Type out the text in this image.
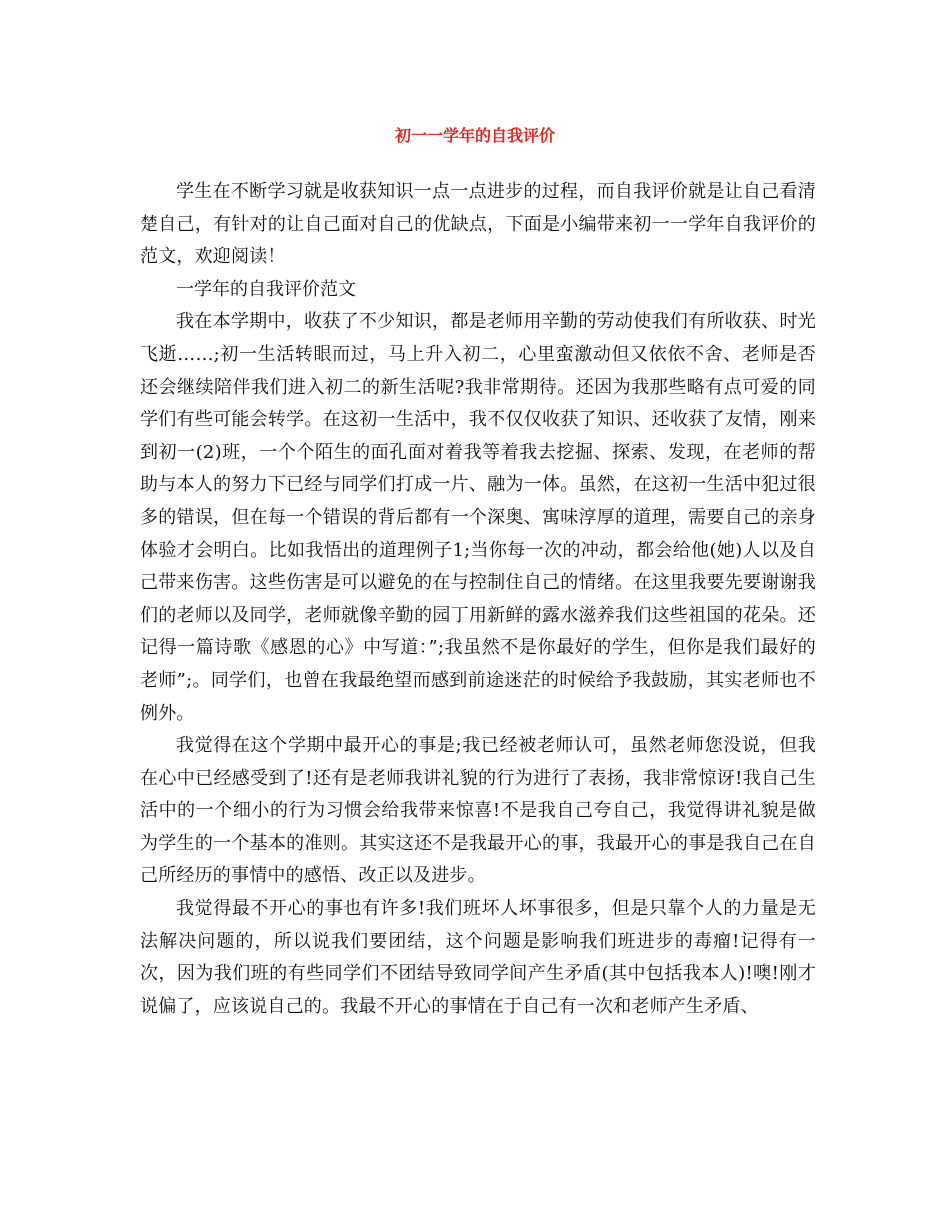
初一一学年的自我评价

学生在不断学习就是收获知识一点一点进步的过程，而自我评价就是让自己看清楚自己，有针对的让自己面对自己的优缺点，下面是小编带来初一一学年自我评价的范文，欢迎阅读！

一学年的自我评价范文

我在本学期中，收获了不少知识，都是老师用辛勤的劳动使我们有所收获、时光飞逝……;初一生活转眼而过，马上升入初二，心里蛮激动但又依依不舍、老师是否还会继续陪伴我们进入初二的新生活呢?我非常期待。还因为我那些略有点可爱的同学们有些可能会转学。在这初一生活中，我不仅仅收获了知识、还收获了友情，刚来到初一(2)班，一个个陌生的面孔面对着我等着我去挖掘、探索、发现，在老师的帮助与本人的努力下已经与同学们打成一片、融为一体。虽然，在这初一生活中犯过很多的错误，但在每一个错误的背后都有一个深奥、寓味淳厚的道理，需要自己的亲身体验才会明白。比如我悟出的道理例子1;当你每一次的冲动，都会给他(她)人以及自己带来伤害。这些伤害是可以避免的在与控制住自己的情绪。在这里我要先要谢谢我们的老师以及同学，老师就像辛勤的园丁用新鲜的露水滋养我们这些祖国的花朵。还记得一篇诗歌《感恩的心》中写道：”;我虽然不是你最好的学生，但你是我们最好的老师”;。同学们，也曾在我最绝望而感到前途迷茫的时候给予我鼓励，其实老师也不例外。

我觉得在这个学期中最开心的事是;我已经被老师认可，虽然老师您没说，但我在心中已经感受到了!还有是老师我讲礼貌的行为进行了表扬，我非常惊讶!我自己生活中的一个细小的行为习惯会给我带来惊喜!不是我自己夸自己，我觉得讲礼貌是做为学生的一个基本的准则。其实这还不是我最开心的事，我最开心的事是我自己在自己所经历的事情中的感悟、改正以及进步。

我觉得最不开心的事也有许多!我们班坏人坏事很多，但是只靠个人的力量是无法解决问题的，所以说我们要团结，这个问题是影响我们班进步的毒瘤!记得有一次，因为我们班的有些同学们不团结导致同学间产生矛盾(其中包括我本人)!噢!刚才说偏了，应该说自己的。我最不开心的事情在于自己有一次和老师产生矛盾、
